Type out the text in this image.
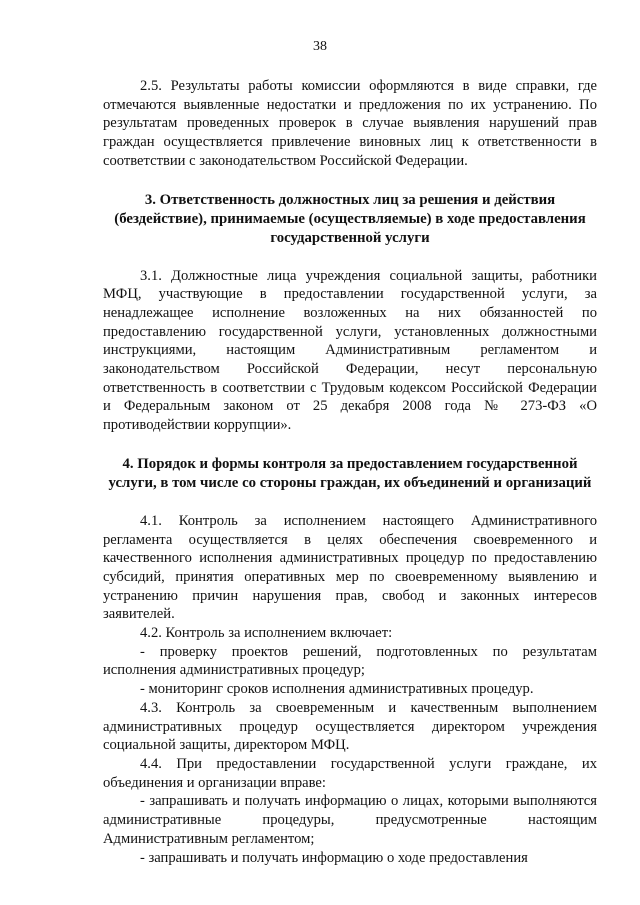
38

2.5. Результаты работы комиссии оформляются в виде справки, где отмечаются выявленные недостатки и предложения по их устранению. По результатам проведенных проверок в случае выявления нарушений прав граждан осуществляется привлечение виновных лиц к ответственности в соответствии с законодательством Российской Федерации.

3. Ответственность должностных лиц за решения и действия (бездействие), принимаемые (осуществляемые) в ходе предоставления государственной услуги

3.1. Должностные лица учреждения социальной защиты, работники МФЦ, участвующие в предоставлении государственной услуги, за ненадлежащее исполнение возложенных на них обязанностей по предоставлению государственной услуги, установленных должностными инструкциями, настоящим Административным регламентом и законодательством Российской Федерации, несут персональную ответственность в соответствии с Трудовым кодексом Российской Федерации и Федеральным законом от 25 декабря 2008 года № 273-ФЗ «О противодействии коррупции».

4. Порядок и формы контроля за предоставлением государственной услуги, в том числе со стороны граждан, их объединений и организаций

4.1. Контроль за исполнением настоящего Административного регламента осуществляется в целях обеспечения своевременного и качественного исполнения административных процедур по предоставлению субсидий, принятия оперативных мер по своевременному выявлению и устранению причин нарушения прав, свобод и законных интересов заявителей.

4.2. Контроль за исполнением включает:

- проверку проектов решений, подготовленных по результатам исполнения административных процедур;

- мониторинг сроков исполнения административных процедур.

4.3. Контроль за своевременным и качественным выполнением административных процедур осуществляется директором учреждения социальной защиты, директором МФЦ.

4.4. При предоставлении государственной услуги граждане, их объединения и организации вправе:

- запрашивать и получать информацию о лицах, которыми выполняются административные процедуры, предусмотренные настоящим Административным регламентом;

- запрашивать и получать информацию о ходе предоставления
